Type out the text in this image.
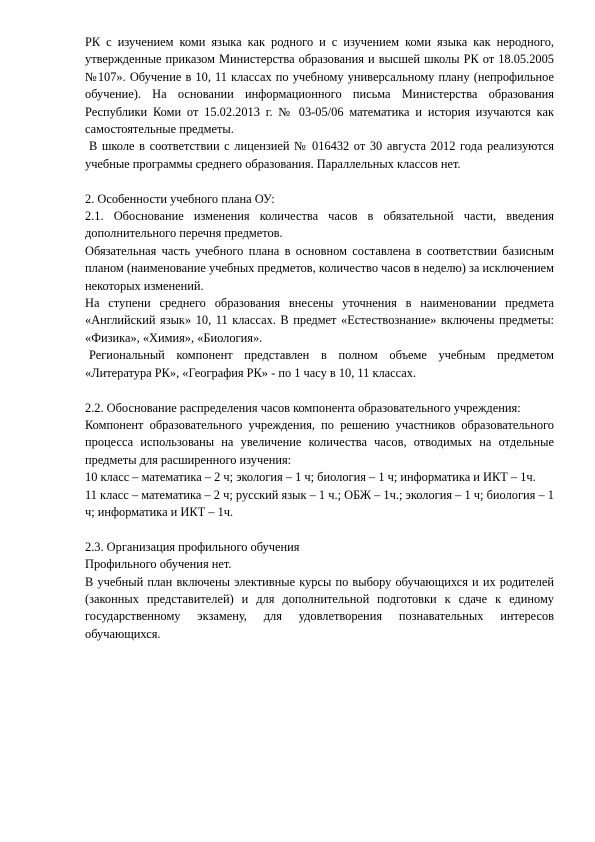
РК с изучением коми языка как родного и с изучением коми языка как неродного, утвержденные приказом Министерства образования и высшей школы РК от 18.05.2005 №107». Обучение в 10, 11 классах по учебному универсальному плану (непрофильное обучение). На основании информационного письма Министерства образования Республики Коми от 15.02.2013 г. № 03-05/06 математика и история изучаются как самостоятельные предметы.

В школе в соответствии с лицензией № 016432 от 30 августа 2012 года реализуются учебные программы среднего образования. Параллельных классов нет.

2. Особенности учебного плана ОУ:

2.1. Обоснование изменения количества часов в обязательной части, введения дополнительного перечня предметов.

Обязательная часть учебного плана в основном составлена в соответствии базисным планом (наименование учебных предметов, количество часов в неделю) за исключением некоторых изменений.

На ступени среднего образования внесены уточнения в наименовании предмета «Английский язык» 10, 11 классах. В предмет «Естествознание» включены предметы: «Физика», «Химия», «Биология».

Региональный компонент представлен в полном объеме учебным предметом «Литература РК», «География РК» - по 1 часу в 10, 11 классах.

2.2. Обоснование распределения часов компонента образовательного учреждения:

Компонент образовательного учреждения, по решению участников образовательного процесса использованы на увеличение количества часов, отводимых на отдельные предметы для расширенного изучения:

10 класс – математика – 2 ч; экология – 1 ч; биология – 1 ч; информатика и ИКТ – 1ч.

11 класс – математика – 2 ч; русский язык – 1 ч.; ОБЖ – 1ч.; экология – 1 ч; биология – 1 ч; информатика и ИКТ – 1ч.

2.3. Организация профильного обучения

Профильного обучения нет.

В учебный план включены элективные курсы по выбору обучающихся и их родителей (законных представителей) и для дополнительной подготовки к сдаче к единому государственному экзамену, для удовлетворения познавательных интересов обучающихся.
